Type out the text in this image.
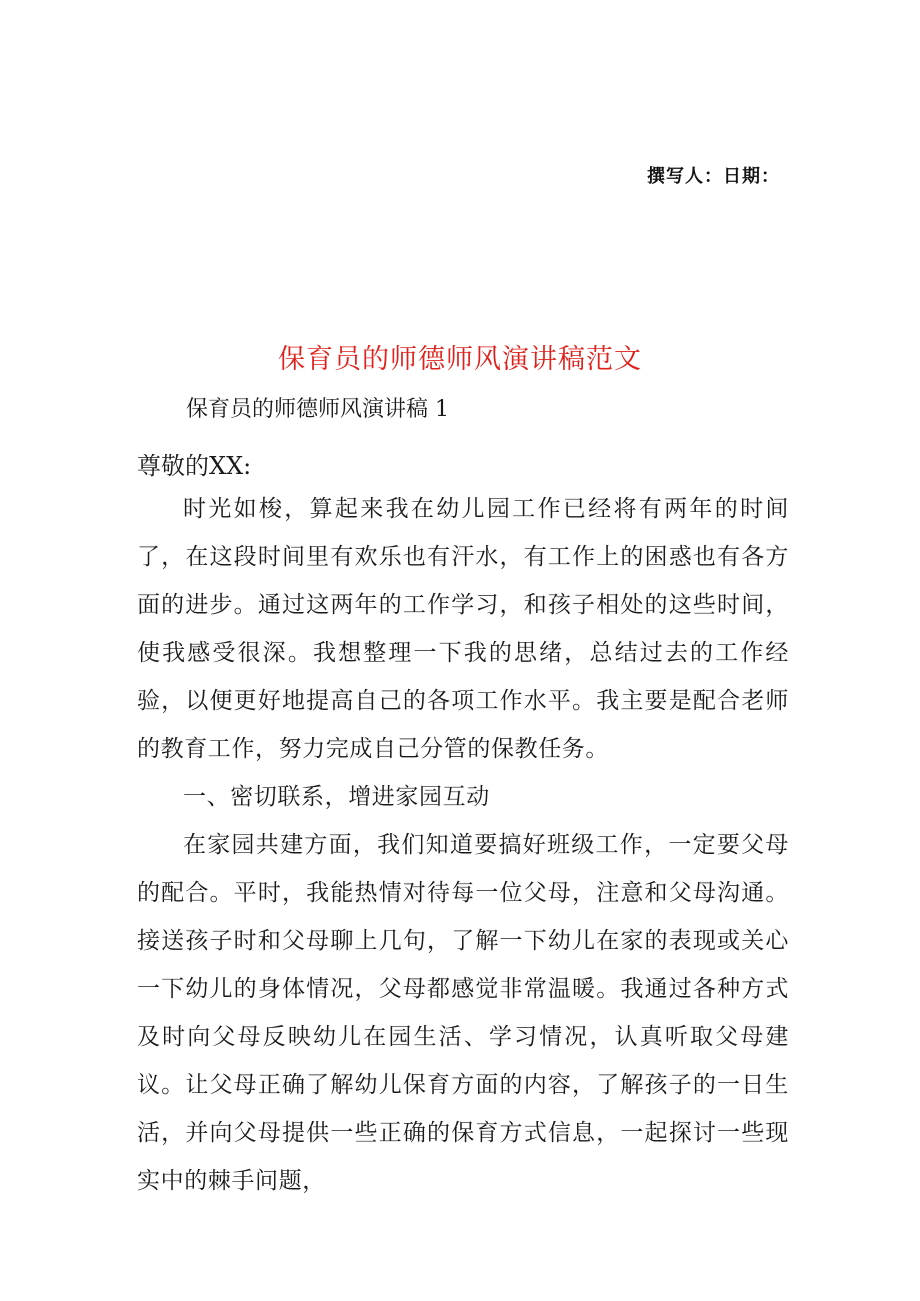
撰写人：日期：
保育员的师德师风演讲稿范文
保育员的师德师风演讲稿 1
尊敬的XX:

时光如梭，算起来我在幼儿园工作已经将有两年的时间了，在这段时间里有欢乐也有汗水，有工作上的困惑也有各方面的进步。通过这两年的工作学习，和孩子相处的这些时间，使我感受很深。我想整理一下我的思绪，总结过去的工作经验，以便更好地提高自己的各项工作水平。我主要是配合老师的教育工作，努力完成自己分管的保教任务。

一、密切联系，增进家园互动

在家园共建方面，我们知道要搞好班级工作，一定要父母的配合。平时，我能热情对待每一位父母，注意和父母沟通。接送孩子时和父母聊上几句，了解一下幼儿在家的表现或关心一下幼儿的身体情况，父母都感觉非常温暖。我通过各种方式及时向父母反映幼儿在园生活、学习情况，认真听取父母建议。让父母正确了解幼儿保育方面的内容，了解孩子的一日生活，并向父母提供一些正确的保育方式信息，一起探讨一些现实中的棘手问题，
